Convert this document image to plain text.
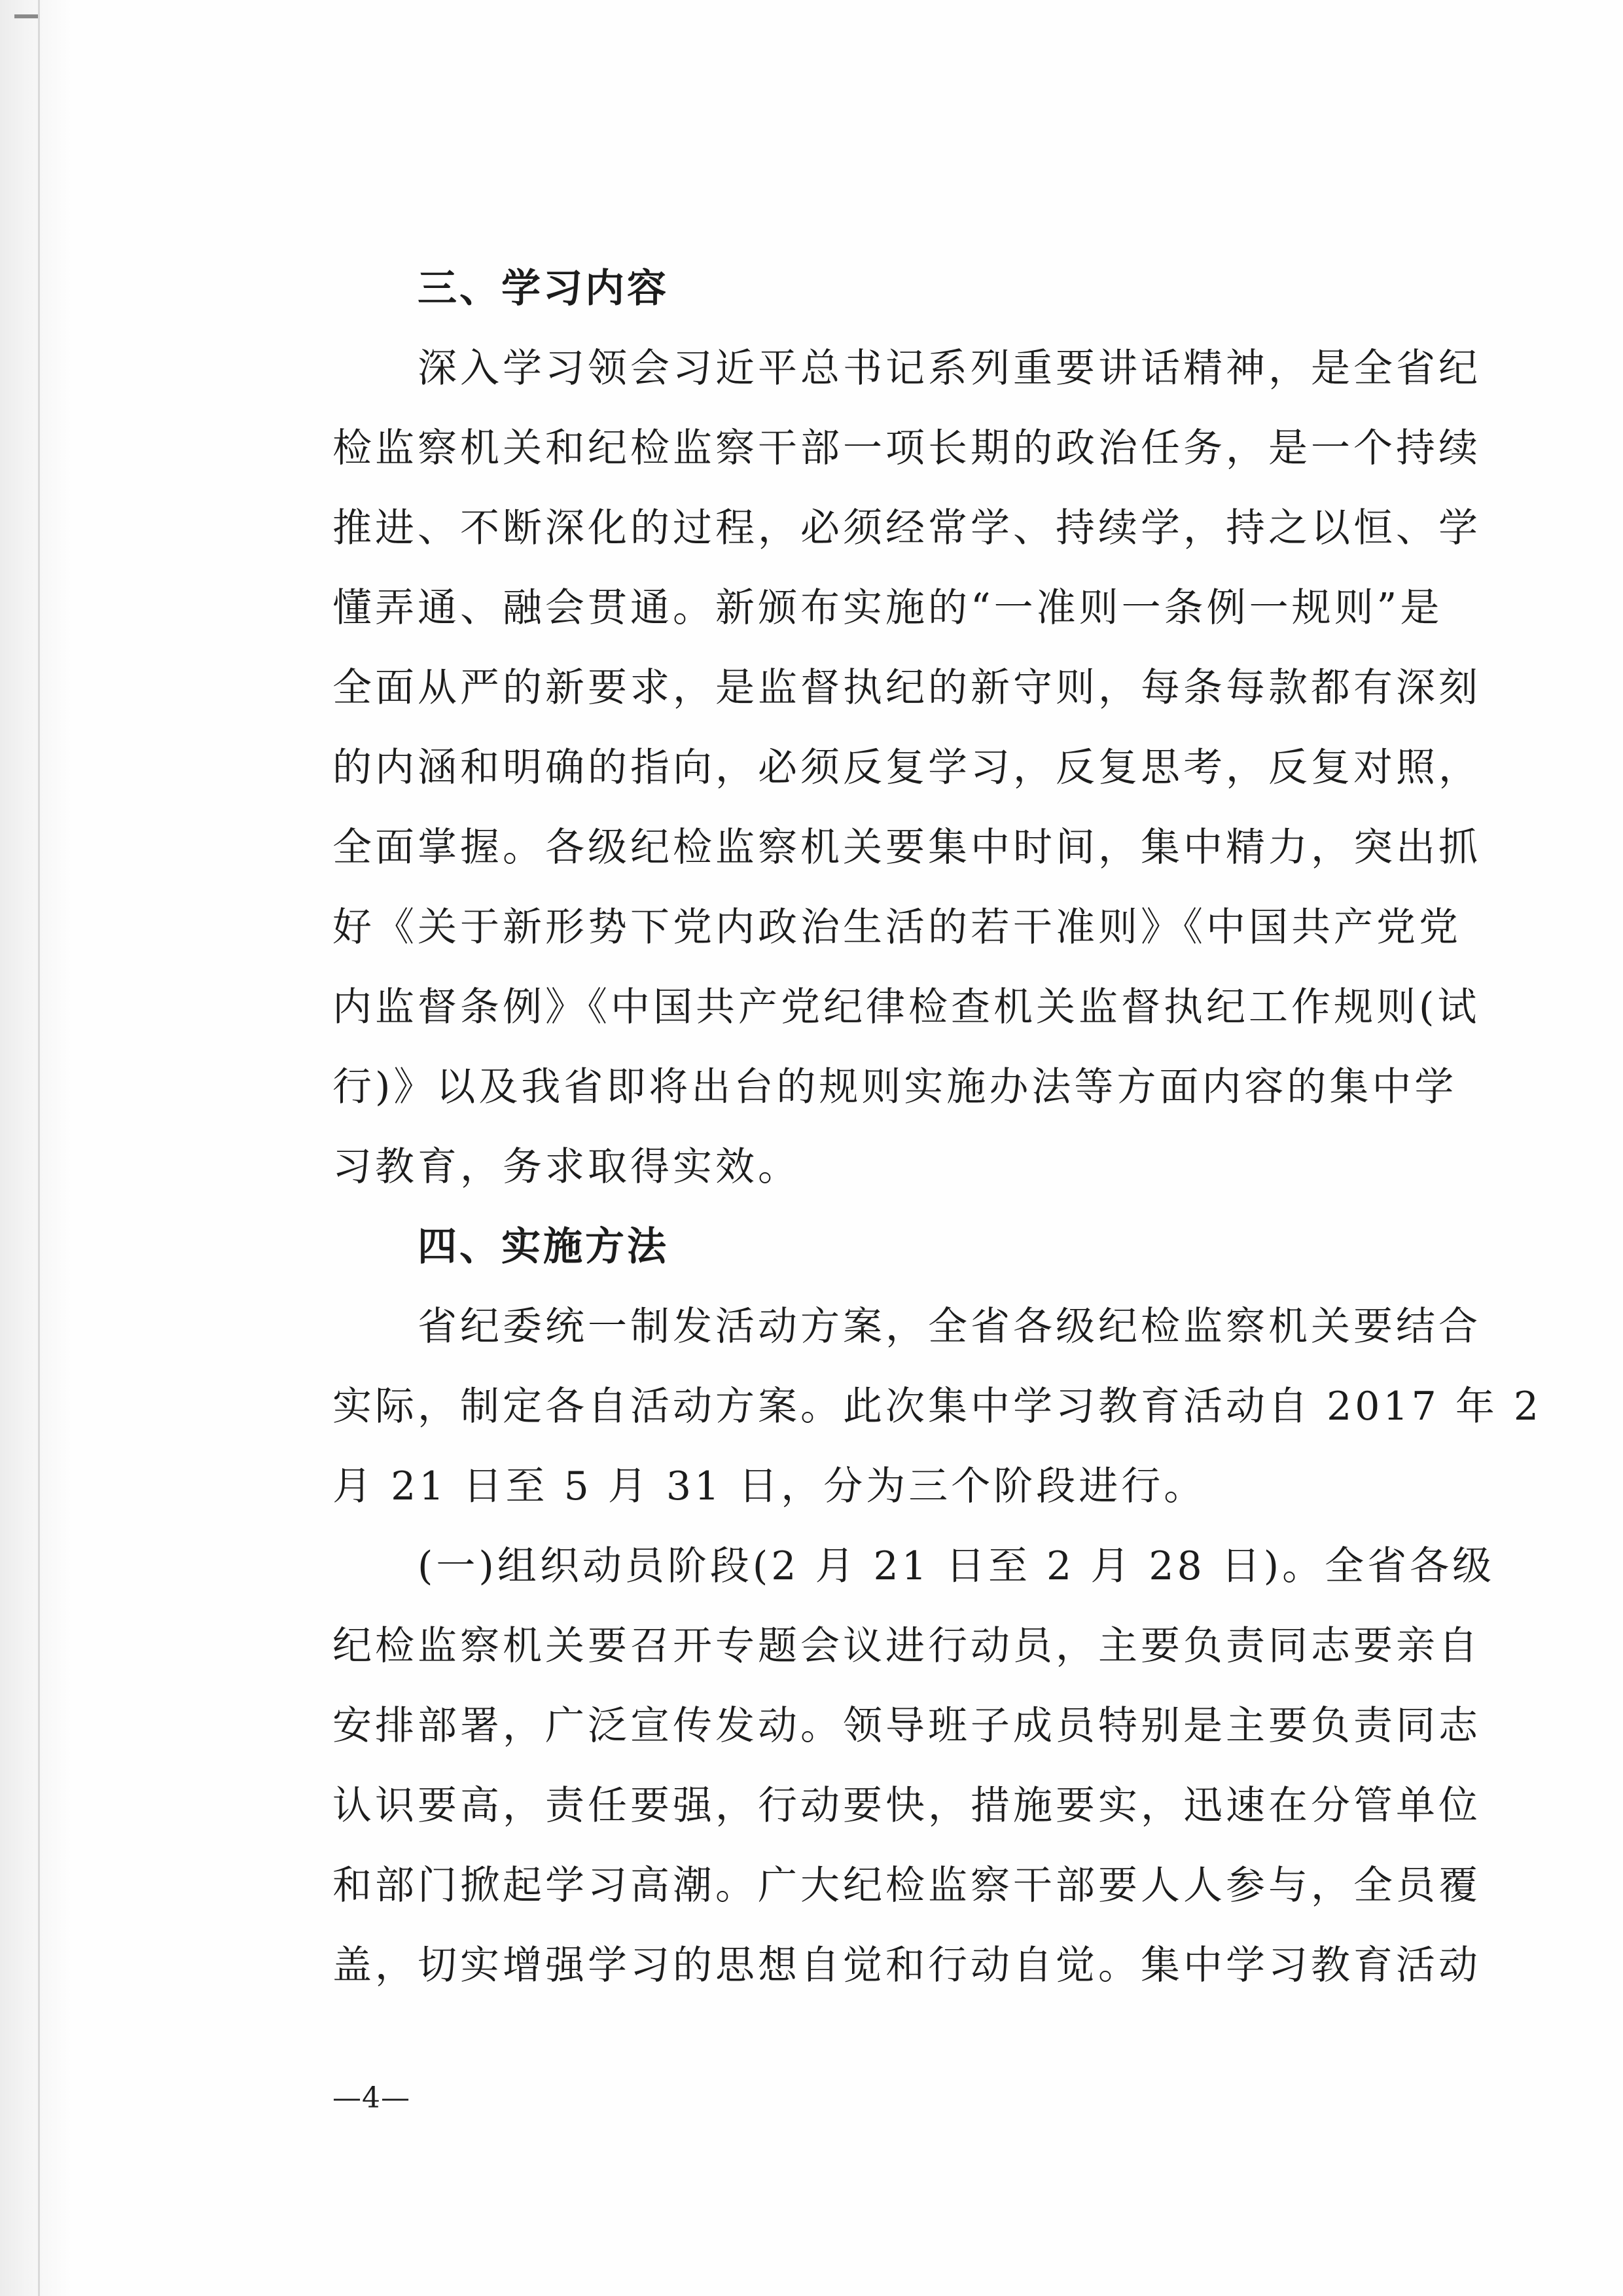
三、学习内容
深入学习领会习近平总书记系列重要讲话精神，是全省纪
检监察机关和纪检监察干部一项长期的政治任务，是一个持续
推进、不断深化的过程，必须经常学、持续学，持之以恒、学
懂弄通、融会贯通。新颁布实施的“一准则一条例一规则”是
全面从严的新要求，是监督执纪的新守则，每条每款都有深刻
的内涵和明确的指向，必须反复学习，反复思考，反复对照，
全面掌握。各级纪检监察机关要集中时间，集中精力，突出抓
好《关于新形势下党内政治生活的若干准则》《中国共产党党
内监督条例》《中国共产党纪律检查机关监督执纪工作规则(试
行)》以及我省即将出台的规则实施办法等方面内容的集中学
习教育，务求取得实效。
四、实施方法
省纪委统一制发活动方案，全省各级纪检监察机关要结合
实际，制定各自活动方案。此次集中学习教育活动自 2017 年 2
月 21 日至 5 月 31 日，分为三个阶段进行。
(一)组织动员阶段(2 月 21 日至 2 月 28 日)。全省各级
纪检监察机关要召开专题会议进行动员，主要负责同志要亲自
安排部署，广泛宣传发动。领导班子成员特别是主要负责同志
认识要高，责任要强，行动要快，措施要实，迅速在分管单位
和部门掀起学习高潮。广大纪检监察干部要人人参与，全员覆
盖，切实增强学习的思想自觉和行动自觉。集中学习教育活动
—4—
